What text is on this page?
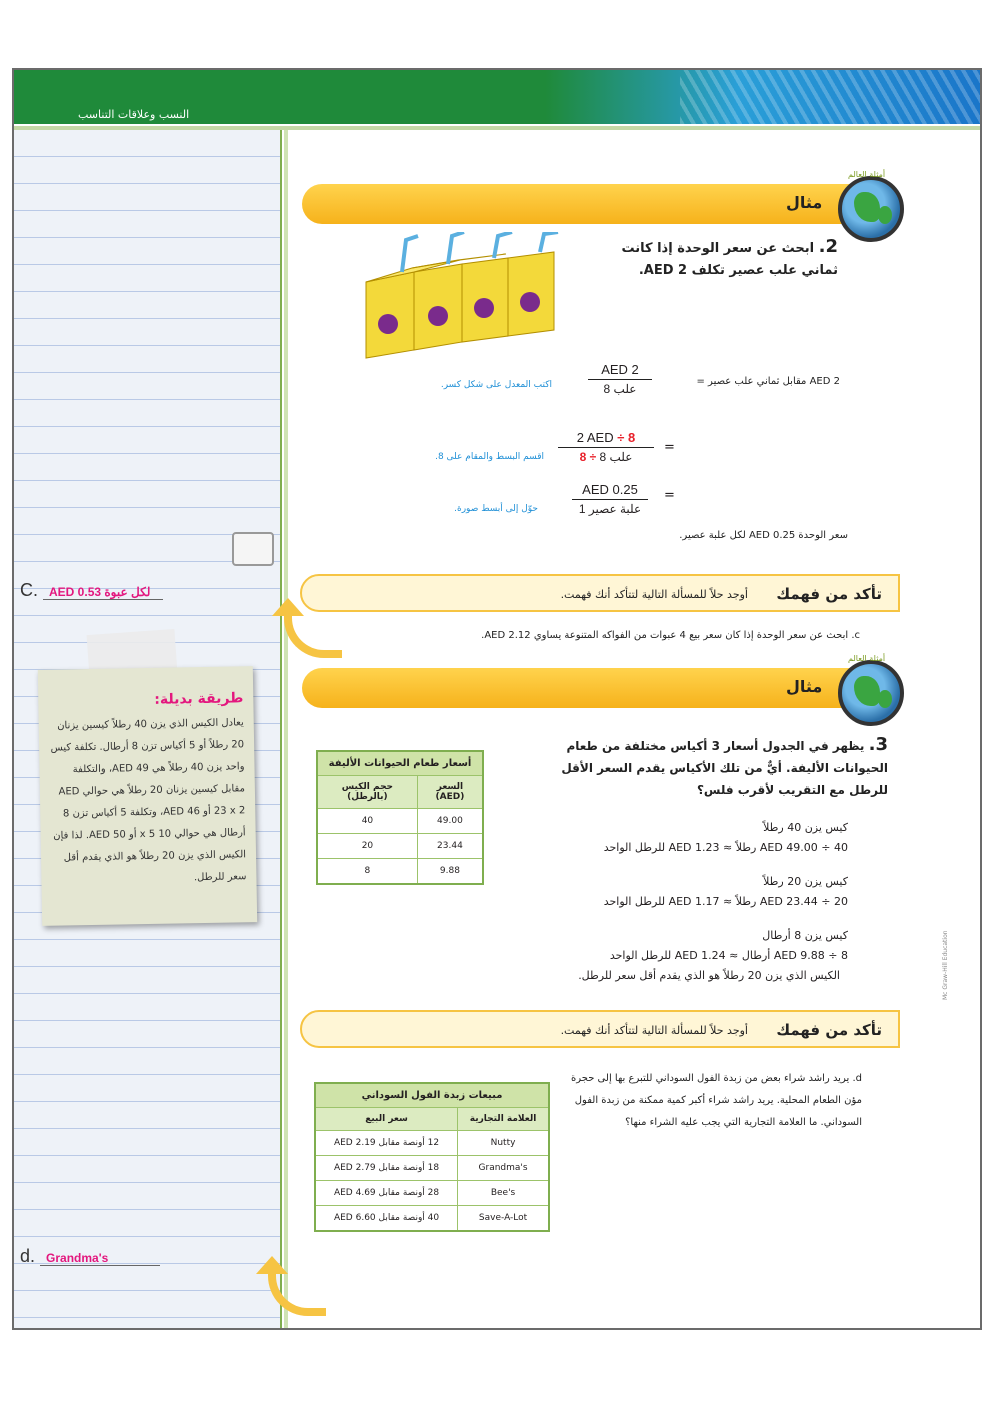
النسب وعلاقات التناسب
C. AED 0.53 لكل عبوة
طريقة بديلة:

يعادل الكيس الذي يزن 40 رطلاً كيسين يزنان 20 رطلاً أو 5 أكياس تزن 8 أرطال. تكلفة كيس واحد يزن 40 رطلاً هي AED 49، والتكلفة مقابل كيسين يزنان 20 رطلاً هي حوالي AED 23 x 2 أو AED 46، وتكلفة 5 أكياس تزن 8 أرطال هي حوالي 10 x 5 أو AED 50. لذا فإن الكيس الذي يزن 20 رطلاً هو الذي يقدم أقل سعر للرطل.

d. Grandma's
مثال
أمثلة العالم
2. ابحث عن سعر الوحدة إذا كانت ثماني علب عصير تكلف AED 2.
AED 2 مقابل ثماني علب عصير =
AED 2
8 علب
اكتب المعدل على شكل كسر.
=
2 AED ÷ 8
8 ÷ 8 علب
اقسم البسط والمقام على 8.
=
AED 0.25
1 علبة عصير
حوّل إلى أبسط صورة.
سعر الوحدة AED 0.25 لكل علبة عصير.
تأكد من فهمك
أوجد حلاً للمسألة التالية لتتأكد أنك فهمت.
c. ابحث عن سعر الوحدة إذا كان سعر بيع 4 عبوات من الفواكه المتنوعة يساوي AED 2.12.
مثال
أمثلة العالم
3. يظهر في الجدول أسعار 3 أكياس مختلفة من طعام الحيوانات الأليفة. أيٌّ من تلك الأكياس يقدم السعر الأقل للرطل مع التقريب لأقرب فلس؟
أسعار طعام الحيوانات الأليفة	
السعر (AED)	حجم الكيس (بالرطل)
49.00	40
23.44	20
9.88	8
كيس يزن 40 رطلاً
AED 49.00 ÷ 40 رطلاً ≈ AED 1.23 للرطل الواحد
كيس يزن 20 رطلاً
AED 23.44 ÷ 20 رطلاً ≈ AED 1.17 للرطل الواحد
كيس يزن 8 أرطال
AED 9.88 ÷ 8 أرطال ≈ AED 1.24 للرطل الواحد
الكيس الذي يزن 20 رطلاً هو الذي يقدم أقل سعر للرطل.
تأكد من فهمك
أوجد حلاً للمسألة التالية لتتأكد أنك فهمت.
d. يريد راشد شراء بعض من زبدة الفول السوداني للتبرع بها إلى حجرة مؤن الطعام المحلية. يريد راشد شراء أكبر كمية ممكنة من زبدة الفول السوداني. ما العلامة التجارية التي يجب عليه الشراء منها؟
مبيعات زبدة الفول السوداني	
العلامة التجارية	سعر البيع
Nutty	12 أونصة مقابل AED 2.19
Grandma's	18 أونصة مقابل AED 2.79
Bee's	28 أونصة مقابل AED 4.69
Save-A-Lot	40 أونصة مقابل AED 6.60
Mc Graw-Hill Education
